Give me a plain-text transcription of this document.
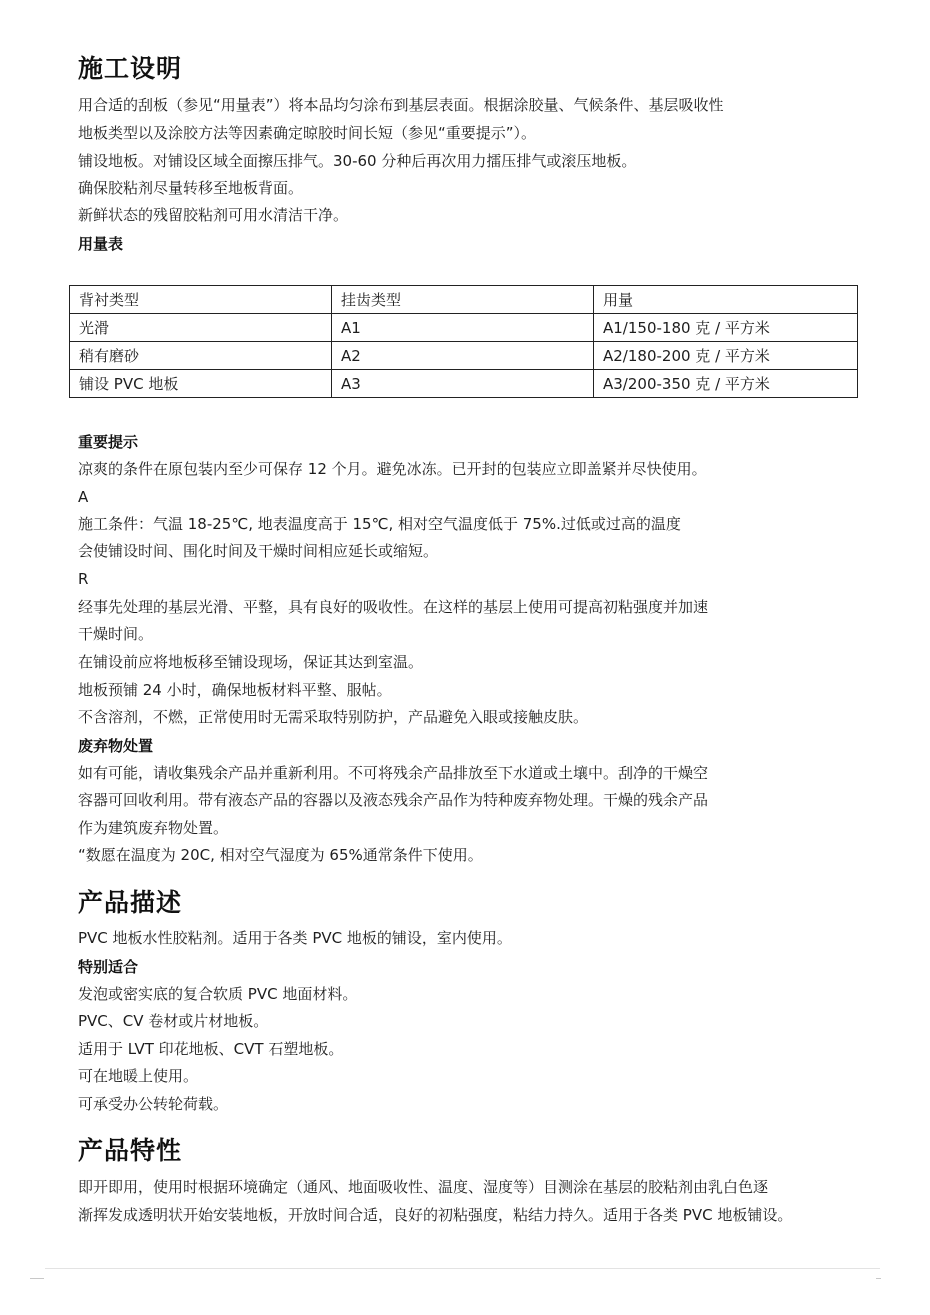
施工设明
用合适的刮板（参见“用量表”）将本品均匀涂布到基层表面。根据涂胶量、气候条件、基层吸收性
地板类型以及涂胶方法等因素确定晾胶时间长短（参见“重要提示”）。
铺设地板。对铺设区域全面擦压排气。30-60 分种后再次用力擂压排气或滚压地板。
确保胶粘剂尽量转移至地板背面。
新鲜状态的残留胶粘剂可用水清洁干净。
用量表
背衬类型	挂齿类型	用量
光滑	A1	A1/150-180 克 / 平方米
稍有磨砂	A2	A2/180-200 克 / 平方米
铺设 PVC 地板	A3	A3/200-350 克 / 平方米
重要提示
凉爽的条件在原包装内至少可保存 12 个月。避免冰冻。已开封的包装应立即盖紧并尽快使用。
A
施工条件：气温 18-25℃, 地表温度高于 15℃, 相对空气温度低于 75%.过低或过高的温度
会使铺设时间、围化时间及干燥时间相应延长或缩短。
R
经事先处理的基层光滑、平整，具有良好的吸收性。在这样的基层上使用可提高初粘强度并加速
干燥时间。
在铺设前应将地板移至铺设现场，保证其达到室温。
地板预铺 24 小时，确保地板材料平整、服帖。
不含溶剂，不燃，正常使用时无需采取特别防护，产品避免入眼或接触皮肤。
废弃物处置
如有可能，请收集残余产品并重新利用。不可将残余产品排放至下水道或土壤中。刮净的干燥空
容器可回收利用。带有液态产品的容器以及液态残余产品作为特种废弃物处理。干燥的残余产品
作为建筑废弃物处置。
“数愿在温度为 20C, 相对空气湿度为 65%通常条件下使用。
产品描述
PVC 地板水性胶粘剂。适用于各类 PVC 地板的铺设，室内使用。
特别适合
发泡或密实底的复合软质 PVC 地面材料。
PVC、CV 卷材或片材地板。
适用于 LVT 印花地板、CVT 石塑地板。
可在地暖上使用。
可承受办公转轮荷载。
产品特性
即开即用，使用时根据环境确定（通风、地面吸收性、温度、湿度等）目测涂在基层的胶粘剂由乳白色逐
渐挥发成透明状开始安装地板，开放时间合适，良好的初粘强度，粘结力持久。适用于各类 PVC 地板铺设。
